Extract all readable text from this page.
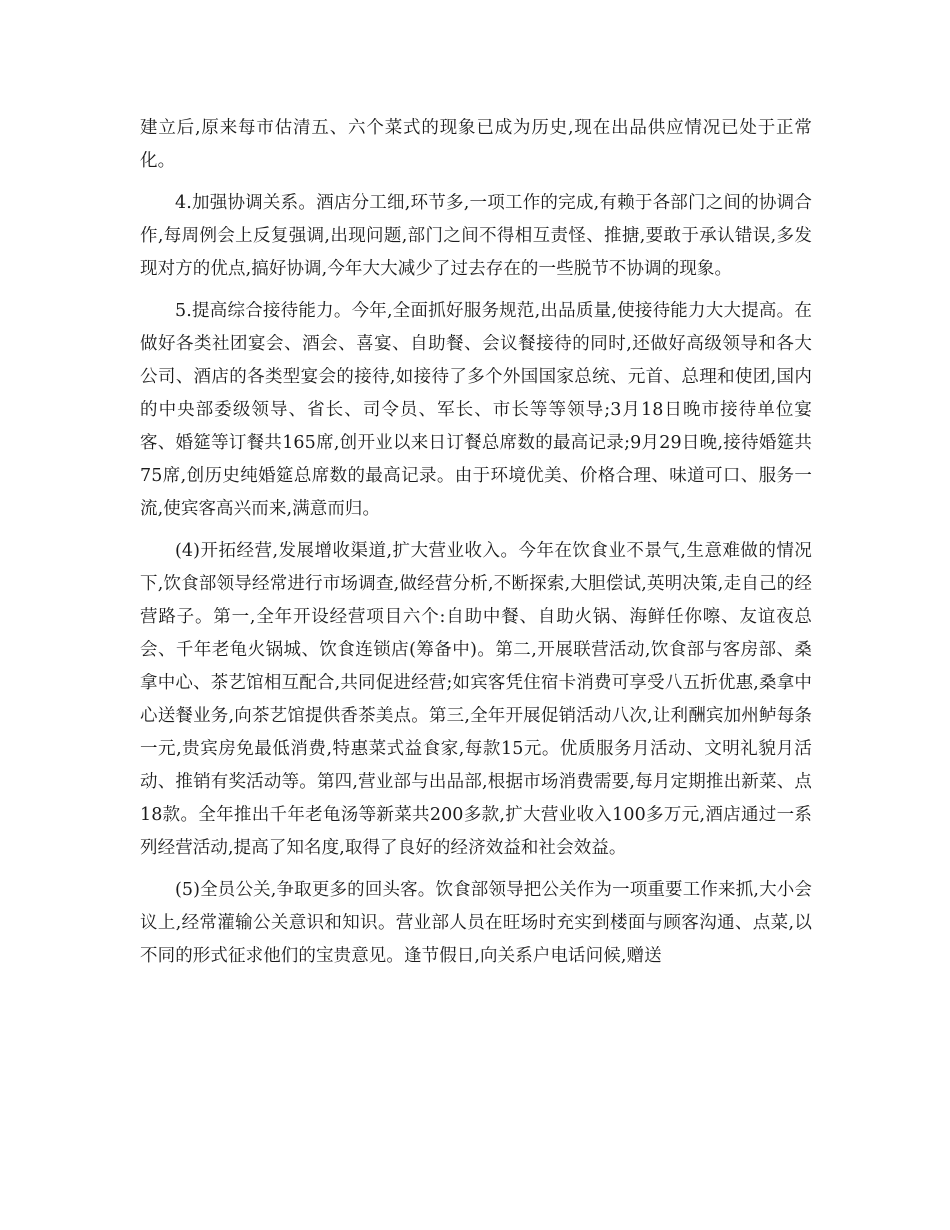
建立后,原来每市估清五、六个菜式的现象已成为历史,现在出品供应情况已处于正常化。

4.加强协调关系。酒店分工细,环节多,一项工作的完成,有赖于各部门之间的协调合作,每周例会上反复强调,出现问题,部门之间不得相互责怪、推搪,要敢于承认错误,多发现对方的优点,搞好协调,今年大大减少了过去存在的一些脱节不协调的现象。

5.提高综合接待能力。今年,全面抓好服务规范,出品质量,使接待能力大大提高。在做好各类社团宴会、酒会、喜宴、自助餐、会议餐接待的同时,还做好高级领导和各大公司、酒店的各类型宴会的接待,如接待了多个外国国家总统、元首、总理和使团,国内的中央部委级领导、省长、司令员、军长、市长等等领导;3月18日晚市接待单位宴客、婚筵等订餐共165席,创开业以来日订餐总席数的最高记录;9月29日晚,接待婚筵共75席,创历史纯婚筵总席数的最高记录。由于环境优美、价格合理、味道可口、服务一流,使宾客高兴而来,满意而归。

(4)开拓经营,发展增收渠道,扩大营业收入。今年在饮食业不景气,生意难做的情况下,饮食部领导经常进行市场调查,做经营分析,不断探索,大胆偿试,英明决策,走自己的经营路子。第一,全年开设经营项目六个:自助中餐、自助火锅、海鲜任你嚓、友谊夜总会、千年老龟火锅城、饮食连锁店(筹备中)。第二,开展联营活动,饮食部与客房部、桑拿中心、茶艺馆相互配合,共同促进经营;如宾客凭住宿卡消费可享受八五折优惠,桑拿中心送餐业务,向茶艺馆提供香茶美点。第三,全年开展促销活动八次,让利酬宾加州鲈每条一元,贵宾房免最低消费,特惠菜式益食家,每款15元。优质服务月活动、文明礼貌月活动、推销有奖活动等。第四,营业部与出品部,根据市场消费需要,每月定期推出新菜、点18款。全年推出千年老龟汤等新菜共200多款,扩大营业收入100多万元,酒店通过一系列经营活动,提高了知名度,取得了良好的经济效益和社会效益。

(5)全员公关,争取更多的回头客。饮食部领导把公关作为一项重要工作来抓,大小会议上,经常灌输公关意识和知识。营业部人员在旺场时充实到楼面与顾客沟通、点菜,以不同的形式征求他们的宝贵意见。逢节假日,向关系户电话问候,赠送
